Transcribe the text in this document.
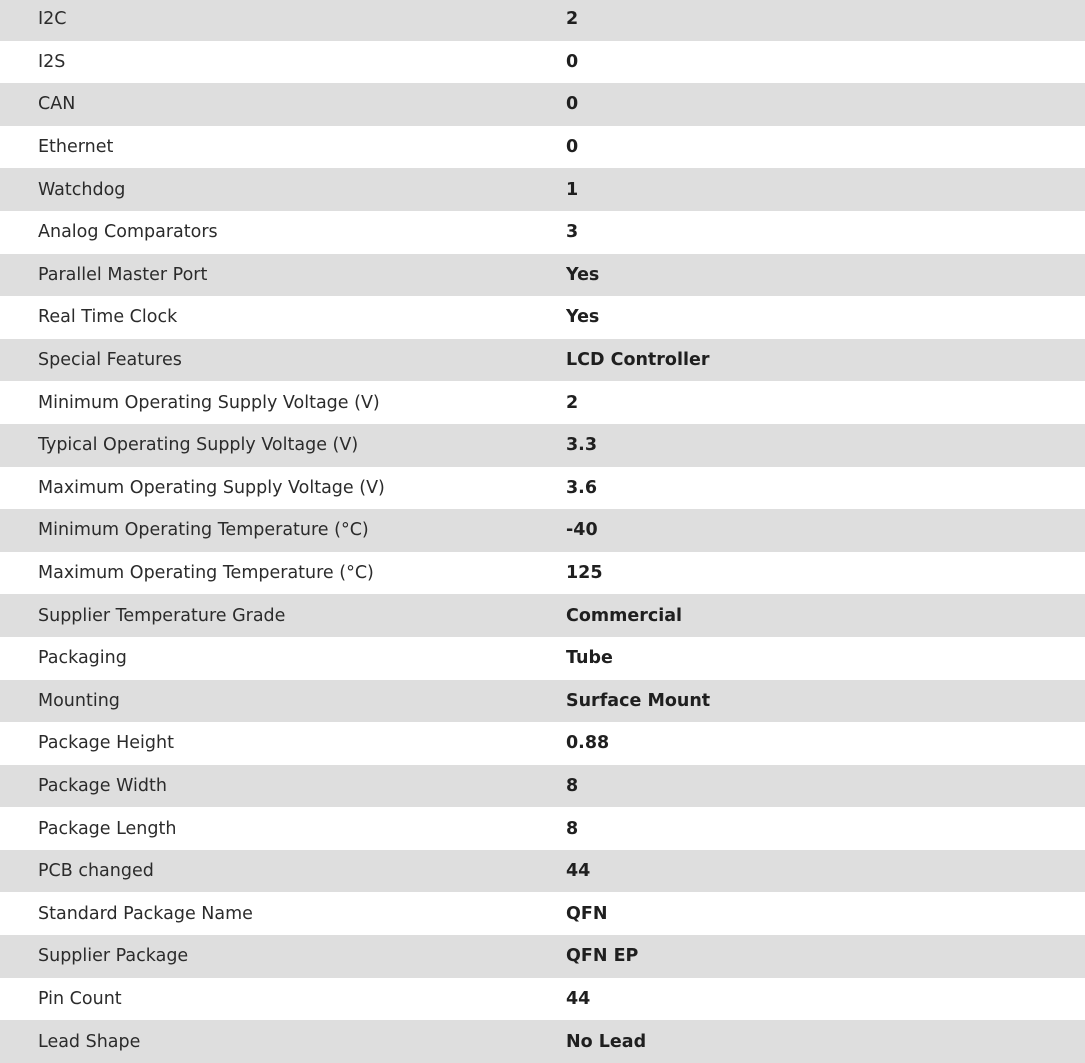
I2C	2
I2S	0
CAN	0
Ethernet	0
Watchdog	1
Analog Comparators	3
Parallel Master Port	Yes
Real Time Clock	Yes
Special Features	LCD Controller
Minimum Operating Supply Voltage (V)	2
Typical Operating Supply Voltage (V)	3.3
Maximum Operating Supply Voltage (V)	3.6
Minimum Operating Temperature (°C)	-40
Maximum Operating Temperature (°C)	125
Supplier Temperature Grade	Commercial
Packaging	Tube
Mounting	Surface Mount
Package Height	0.88
Package Width	8
Package Length	8
PCB changed	44
Standard Package Name	QFN
Supplier Package	QFN EP
Pin Count	44
Lead Shape	No Lead
